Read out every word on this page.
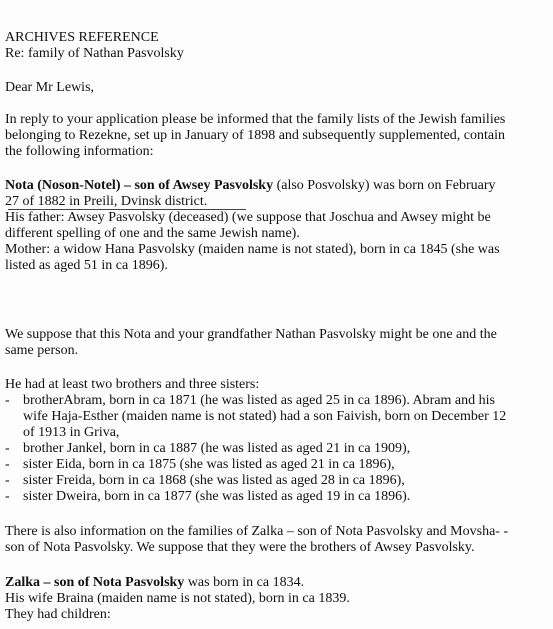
ARCHIVES REFERENCE
Re: family of Nathan Pasvolsky
Dear Mr Lewis,
In reply to your application please be informed that the family lists of the Jewish families
belonging to Rezekne, set up in January of 1898 and subsequently supplemented, contain
the following information:
Nota (Noson-Notel) – son of Awsey Pasvolsky (also Posvolsky) was born on February
27 of 1882 in Preili, Dvinsk district.
His father: Awsey Pasvolsky (deceased) (we suppose that Joschua and Awsey might be
different spelling of one and the same Jewish name).
Mother: a widow Hana Pasvolsky (maiden name is not stated), born in ca 1845 (she was
listed as aged 51 in ca 1896).
We suppose that this Nota and your grandfather Nathan Pasvolsky might be one and the
same person.
He had at least two brothers and three sisters:
- brotherAbram, born in ca 1871 (he was listed as aged 25 in ca 1896). Abram and his
wife Haja-Esther (maiden name is not stated) had a son Faivish, born on December 12
of 1913 in Griva,
- brother Jankel, born in ca 1887 (he was listed as aged 21 in ca 1909),
- sister Eida, born in ca 1875 (she was listed as aged 21 in ca 1896),
- sister Freida, born in ca 1868 (she was listed as aged 28 in ca 1896),
- sister Dweira, born in ca 1877 (she was listed as aged 19 in ca 1896).
There is also information on the families of Zalka – son of Nota Pasvolsky and Movsha- -
son of Nota Pasvolsky. We suppose that they were the brothers of Awsey Pasvolsky.
Zalka – son of Nota Pasvolsky was born in ca 1834.
His wife Braina (maiden name is not stated), born in ca 1839.
They had children:
